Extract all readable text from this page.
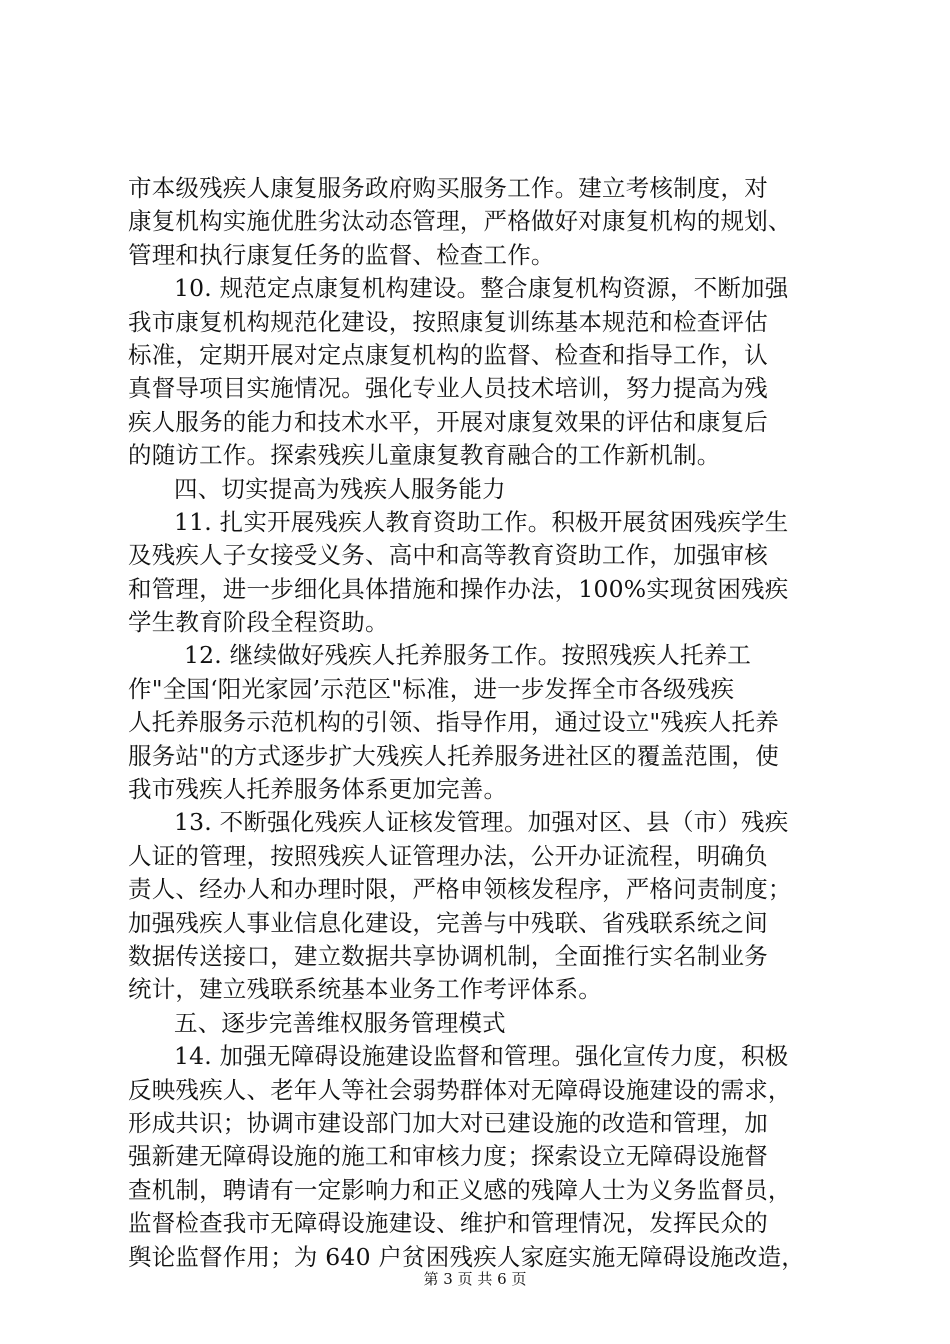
市本级残疾人康复服务政府购买服务工作。建立考核制度，对
康复机构实施优胜劣汰动态管理，严格做好对康复机构的规划、
管理和执行康复任务的监督、检查工作。
10. 规范定点康复机构建设。整合康复机构资源，不断加强
我市康复机构规范化建设，按照康复训练基本规范和检查评估
标准，定期开展对定点康复机构的监督、检查和指导工作，认
真督导项目实施情况。强化专业人员技术培训，努力提高为残
疾人服务的能力和技术水平，开展对康复效果的评估和康复后
的随访工作。探索残疾儿童康复教育融合的工作新机制。
四、切实提高为残疾人服务能力
11. 扎实开展残疾人教育资助工作。积极开展贫困残疾学生
及残疾人子女接受义务、高中和高等教育资助工作，加强审核
和管理，进一步细化具体措施和操作办法，100%实现贫困残疾
学生教育阶段全程资助。
12. 继续做好残疾人托养服务工作。按照残疾人托养工
作"全国‘阳光家园’示范区"标准，进一步发挥全市各级残疾
人托养服务示范机构的引领、指导作用，通过设立"残疾人托养
服务站"的方式逐步扩大残疾人托养服务进社区的覆盖范围，使
我市残疾人托养服务体系更加完善。
13. 不断强化残疾人证核发管理。加强对区、县（市）残疾
人证的管理，按照残疾人证管理办法，公开办证流程，明确负
责人、经办人和办理时限，严格申领核发程序，严格问责制度；
加强残疾人事业信息化建设，完善与中残联、省残联系统之间
数据传送接口，建立数据共享协调机制，全面推行实名制业务
统计，建立残联系统基本业务工作考评体系。
五、逐步完善维权服务管理模式
14. 加强无障碍设施建设监督和管理。强化宣传力度，积极
反映残疾人、老年人等社会弱势群体对无障碍设施建设的需求，
形成共识；协调市建设部门加大对已建设施的改造和管理，加
强新建无障碍设施的施工和审核力度；探索设立无障碍设施督
查机制，聘请有一定影响力和正义感的残障人士为义务监督员，
监督检查我市无障碍设施建设、维护和管理情况，发挥民众的
舆论监督作用；为 640 户贫困残疾人家庭实施无障碍设施改造，
第 3 页 共 6 页
